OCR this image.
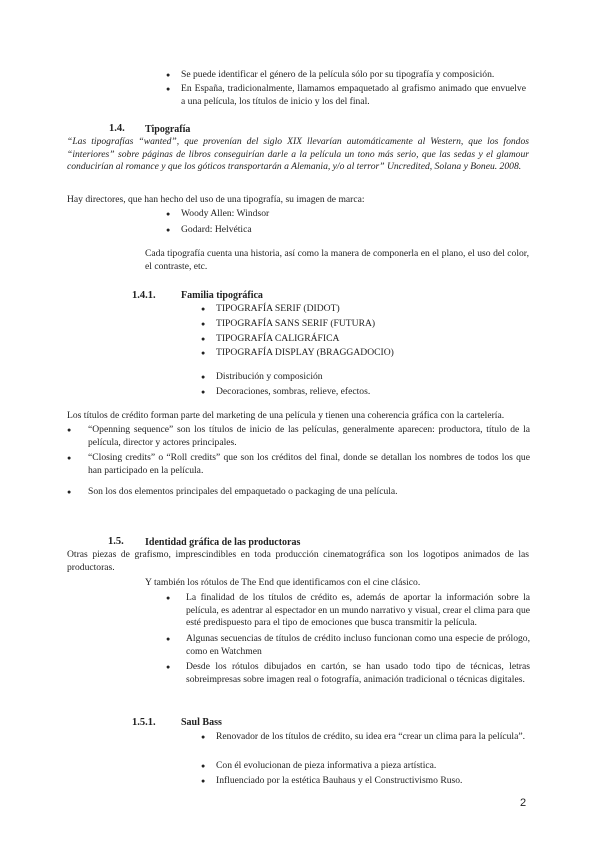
●

Se puede identificar el género de la película sólo por su tipografía y composición.

●

En España, tradicionalmente, llamamos empaquetado al grafismo animado que envuelve a una película, los títulos de inicio y los del final.

1.4. Tipografía

“Las tipografías “wanted”, que provenían del siglo XIX llevarían automáticamente al Western, que los fondos “interiores” sobre páginas de libros conseguirían darle a la película un tono más serio, que las sedas y el glamour conducirían al romance y que los góticos transportarán a Alemania, y/o al terror” Uncredited, Solana y Boneu. 2008.

Hay directores, que han hecho del uso de una tipografía, su imagen de marca:

●

Woody Allen: Windsor

●

Godard: Helvética

Cada tipografía cuenta una historia, así como la manera de componerla en el plano, el uso del color, el contraste, etc.

1.4.1.	Familia tipográfica
●

TIPOGRAFÍA SERIF (DIDOT)

●

TIPOGRAFÍA SANS SERIF (FUTURA)

●

TIPOGRAFÍA CALIGRÁFICA

●

TIPOGRAFÍA DISPLAY (BRAGGADOCIO)

●

Distribución y composición

●

Decoraciones, sombras, relieve, efectos.

Los títulos de crédito forman parte del marketing de una película y tienen una coherencia gráfica con la cartelería.

●

“Openning sequence” son los títulos de inicio de las películas, generalmente aparecen: productora, título de la película, director y actores principales.

●

“Closing credits” o “Roll credits” que son los créditos del final, donde se detallan los nombres de todos los que han participado en la película.

●

Son los dos elementos principales del empaquetado o packaging de una película.

1.5. Identidad gráfica de las productoras

Otras piezas de grafismo, imprescindibles en toda producción cinematográfica son los logotipos animados de las productoras.

Y también los rótulos de The End que identificamos con el cine clásico.

●

La finalidad de los títulos de crédito es, además de aportar la información sobre la película, es adentrar al espectador en un mundo narrativo y visual, crear el clima para que esté predispuesto para el tipo de emociones que busca transmitir la película.

●

Algunas secuencias de títulos de crédito incluso funcionan como una especie de prólogo, como en Watchmen

●

Desde los rótulos dibujados en cartón, se han usado todo tipo de técnicas, letras sobreimpresas sobre imagen real o fotografía, animación tradicional o técnicas digitales.

1.5.1.	Saul Bass
●

Renovador de los títulos de crédito, su idea era “crear un clima para la película”.

●

Con él evolucionan de pieza informativa a pieza artística.

●

Influenciado por la estética Bauhaus y el Constructivismo Ruso.

2
